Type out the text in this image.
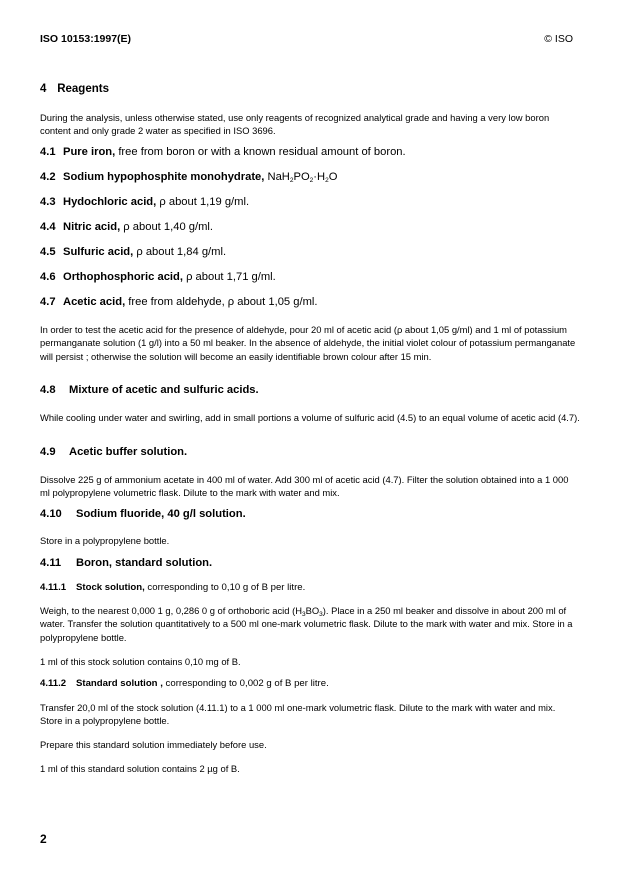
ISO 10153:1997(E)	© ISO
4 Reagents
During the analysis, unless otherwise stated, use only reagents of recognized analytical grade and having a very low boron content and only grade 2 water as specified in ISO 3696.
4.1 Pure iron, free from boron or with a known residual amount of boron.
4.2 Sodium hypophosphite monohydrate, $NaH_2PO_2\cdot H_2O$
4.3 Hydochloric acid, ρ about 1,19 g/ml.
4.4 Nitric acid, ρ about 1,40 g/ml.
4.5 Sulfuric acid, ρ about 1,84 g/ml.
4.6 Orthophosphoric acid, ρ about 1,71 g/ml.
4.7 Acetic acid, free from aldehyde, ρ about 1,05 g/ml.
In order to test the acetic acid for the presence of aldehyde, pour 20 ml of acetic acid (ρ about 1,05 g/ml) and 1 ml of potassium permanganate solution (1 g/l) into a 50 ml beaker. In the absence of aldehyde, the initial violet colour of potassium permanganate will persist ; otherwise the solution will become an easily identifiable brown colour after 15 min.
4.8 Mixture of acetic and sulfuric acids.
While cooling under water and swirling, add in small portions a volume of sulfuric acid (4.5) to an equal volume of acetic acid (4.7).
4.9 Acetic buffer solution.
Dissolve 225 g of ammonium acetate in 400 ml of water. Add 300 ml of acetic acid (4.7). Filter the solution obtained into a 1 000 ml polypropylene volumetric flask. Dilute to the mark with water and mix.
4.10 Sodium fluoride, 40 g/l solution.
Store in a polypropylene bottle.
4.11 Boron, standard solution.
4.11.1 Stock solution, corresponding to 0,10 g of B per litre.
Weigh, to the nearest 0,000 1 g, 0,286 0 g of orthoboric acid $(H_3BO_3)$. Place in a 250 ml beaker and dissolve in about 200 ml of water. Transfer the solution quantitatively to a 500 ml one-mark volumetric flask. Dilute to the mark with water and mix. Store in a polypropylene bottle.
1 ml of this stock solution contains 0,10 mg of B.
4.11.2 Standard solution , corresponding to 0,002 g of B per litre.
Transfer 20,0 ml of the stock solution (4.11.1) to a 1 000 ml one-mark volumetric flask. Dilute to the mark with water and mix. Store in a polypropylene bottle.
Prepare this standard solution immediately before use.
1 ml of this standard solution contains 2 µg of B.
2
